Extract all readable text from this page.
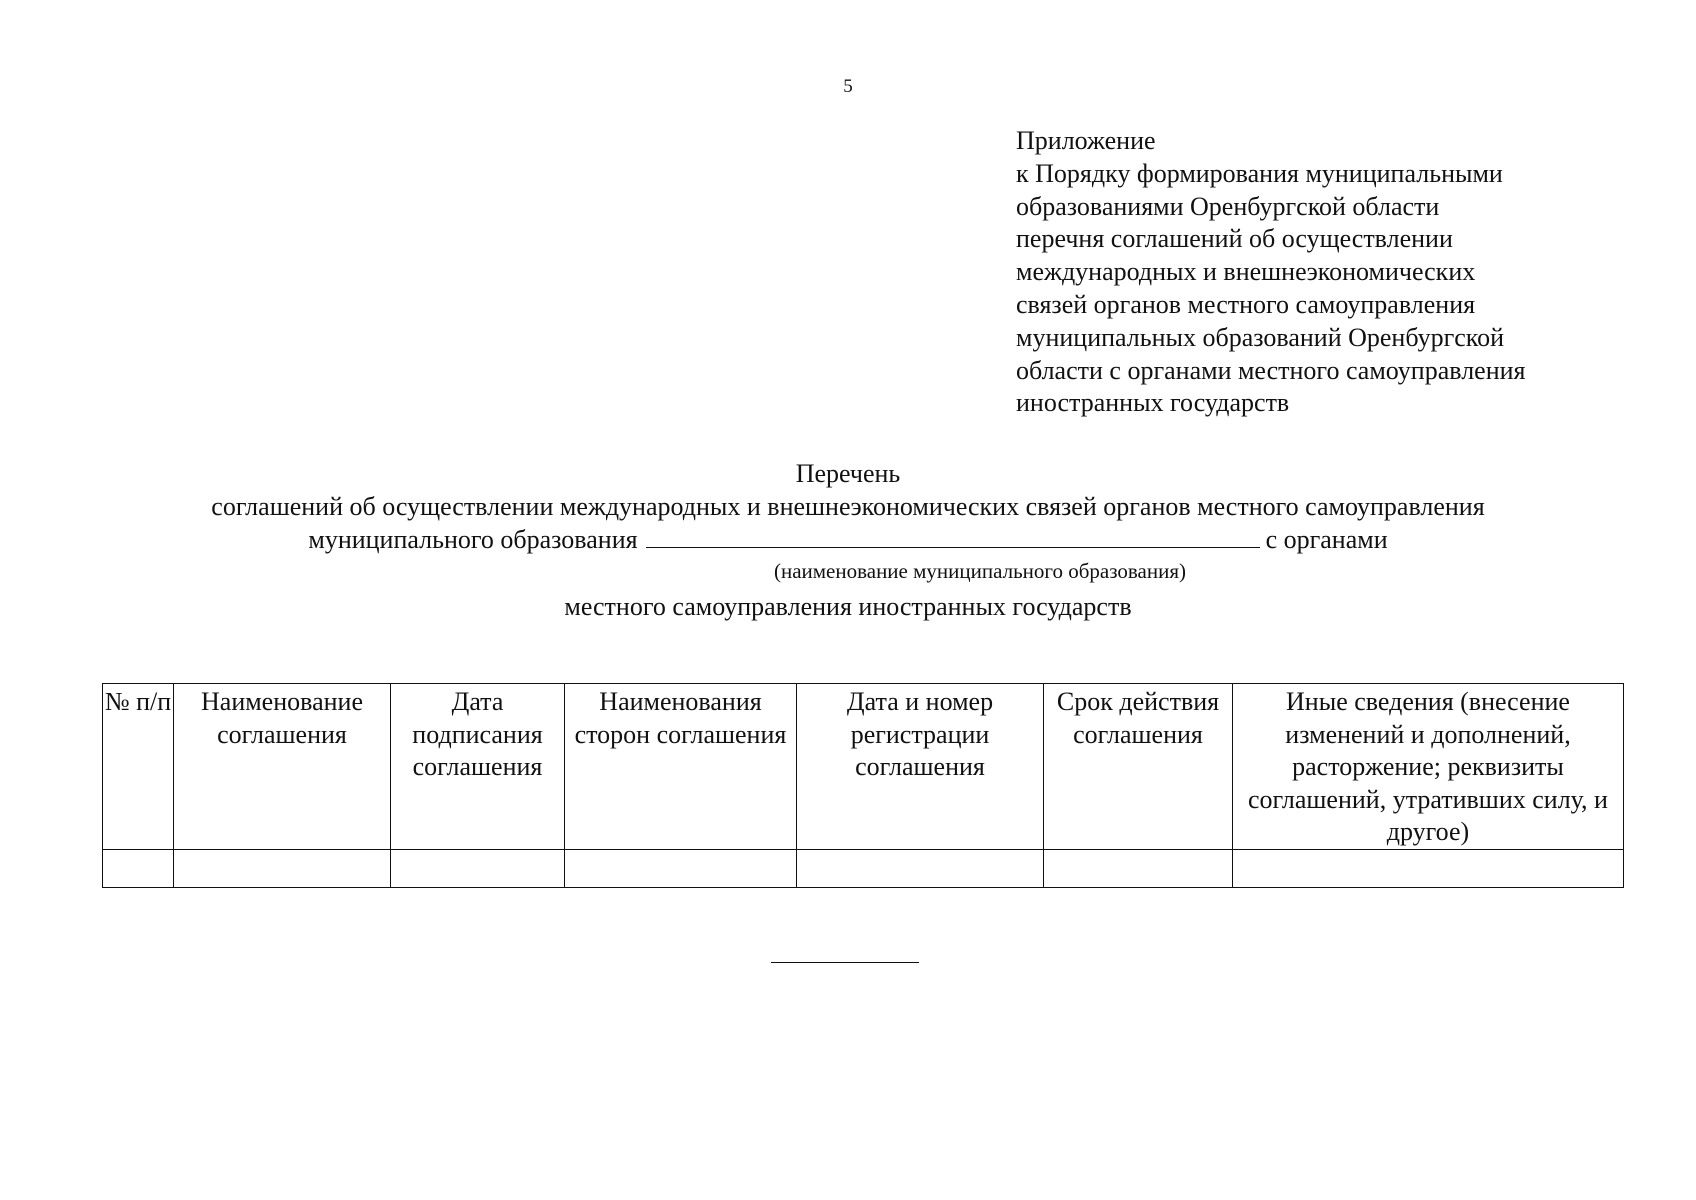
5
Приложение
к Порядку формирования муниципальными
образованиями Оренбургской области
перечня соглашений об осуществлении
международных и внешнеэкономических
связей органов местного самоуправления
муниципальных образований Оренбургской
области с органами местного самоуправления
иностранных государств
Перечень
соглашений об осуществлении международных и внешнеэкономических связей органов местного самоуправления
муниципального образования	с органами
(наименование муниципального образования)
местного самоуправления иностранных государств
№ п/п	Наименование соглашения	Дата подписания соглашения	Наименования сторон соглашения	Дата и номер регистрации соглашения	Срок действия соглашения	Иные сведения (внесение изменений и дополнений, расторжение; реквизиты соглашений, утративших силу, и другое)
